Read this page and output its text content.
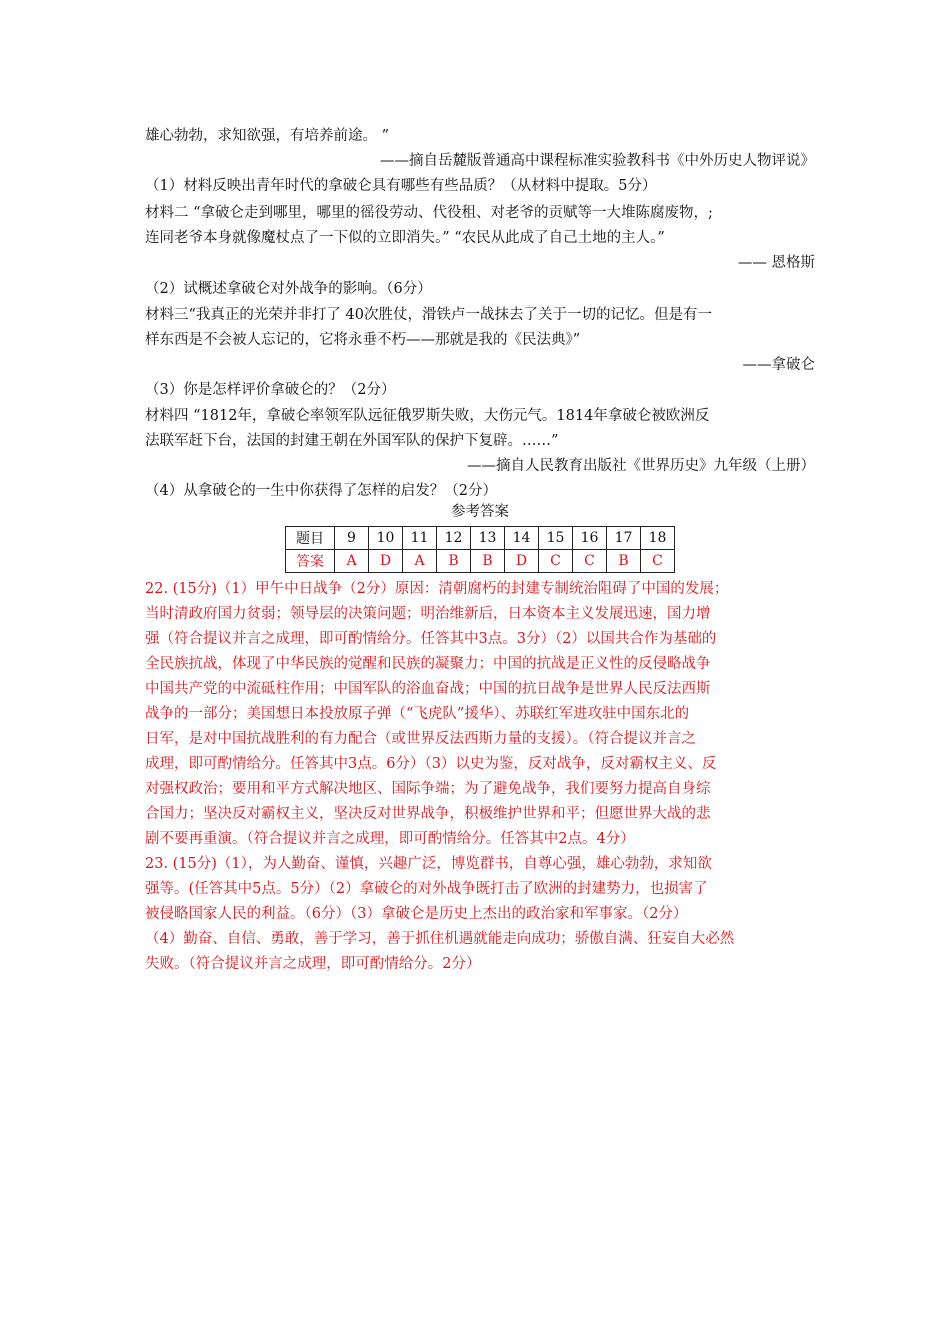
雄心勃勃，求知欲强，有培养前途。 ”
——摘自岳麓版普通高中课程标准实验教科书《中外历史人物评说》
（1）材料反映出青年时代的拿破仑具有哪些有些品质？（从材料中提取。5分）
材料二 “拿破仑走到哪里，哪里的徭役劳动、代役租、对老爷的贡赋等一大堆陈腐废物，;
连同老爷本身就像魔杖点了一下似的立即消失。” “农民从此成了自己土地的主人。”
—— 恩格斯
（2）试概述拿破仑对外战争的影响。（6分）
材料三“我真正的光荣并非打了 40次胜仗，滑铁卢一战抹去了关于一切的记忆。但是有一
样东西是不会被人忘记的，它将永垂不朽——那就是我的《民法典》”
——拿破仑
（3）你是怎样评价拿破仑的？（2分）
材料四 “1812年，拿破仑率领军队远征俄罗斯失败，大伤元气。1814年拿破仑被欧洲反
法联军赶下台，法国的封建王朝在外国军队的保护下复辟。……”
——摘自人民教育出版社《世界历史》九年级（上册）
（4）从拿破仑的一生中你获得了怎样的启发？（2分）
参考答案
题目	9	10	11	12	13	14	15	16	17	18
答案	A	D	A	B	B	D	C	C	B	C
22. (15分)（1）甲午中日战争（2分）原因：清朝腐朽的封建专制统治阻碍了中国的发展；
当时清政府国力贫弱；领导层的决策问题；明治维新后，日本资本主义发展迅速，国力增
强（符合提议并言之成理，即可酌情给分。任答其中3点。3分）（2）以国共合作为基础的
全民族抗战，体现了中华民族的觉醒和民族的凝聚力；中国的抗战是正义性的反侵略战争
中国共产党的中流砥柱作用；中国军队的浴血奋战；中国的抗日战争是世界人民反法西斯
战争的一部分；美国想日本投放原子弹（“飞虎队”援华）、苏联红军进攻驻中国东北的
日军，是对中国抗战胜利的有力配合（或世界反法西斯力量的支援）。（符合提议并言之
成理，即可酌情给分。任答其中3点。6分）（3）以史为鉴，反对战争，反对霸权主义、反
对强权政治；要用和平方式解决地区、国际争端；为了避免战争，我们要努力提高自身综
合国力；坚决反对霸权主义，坚决反对世界战争，积极维护世界和平；但愿世界大战的悲
剧不要再重演。（符合提议并言之成理，即可酌情给分。任答其中2点。4分）
23. (15分)（1），为人勤奋、谨慎，兴趣广泛，博览群书，自尊心强，雄心勃勃，求知欲
强等。(任答其中5点。5分）（2）拿破仑的对外战争既打击了欧洲的封建势力，也损害了
被侵略国家人民的利益。（6分）（3）拿破仑是历史上杰出的政治家和军事家。（2分）
（4）勤奋、自信、勇敢，善于学习，善于抓住机遇就能走向成功；骄傲自满、狂妄自大必然
失败。（符合提议并言之成理，即可酌情给分。2分）
